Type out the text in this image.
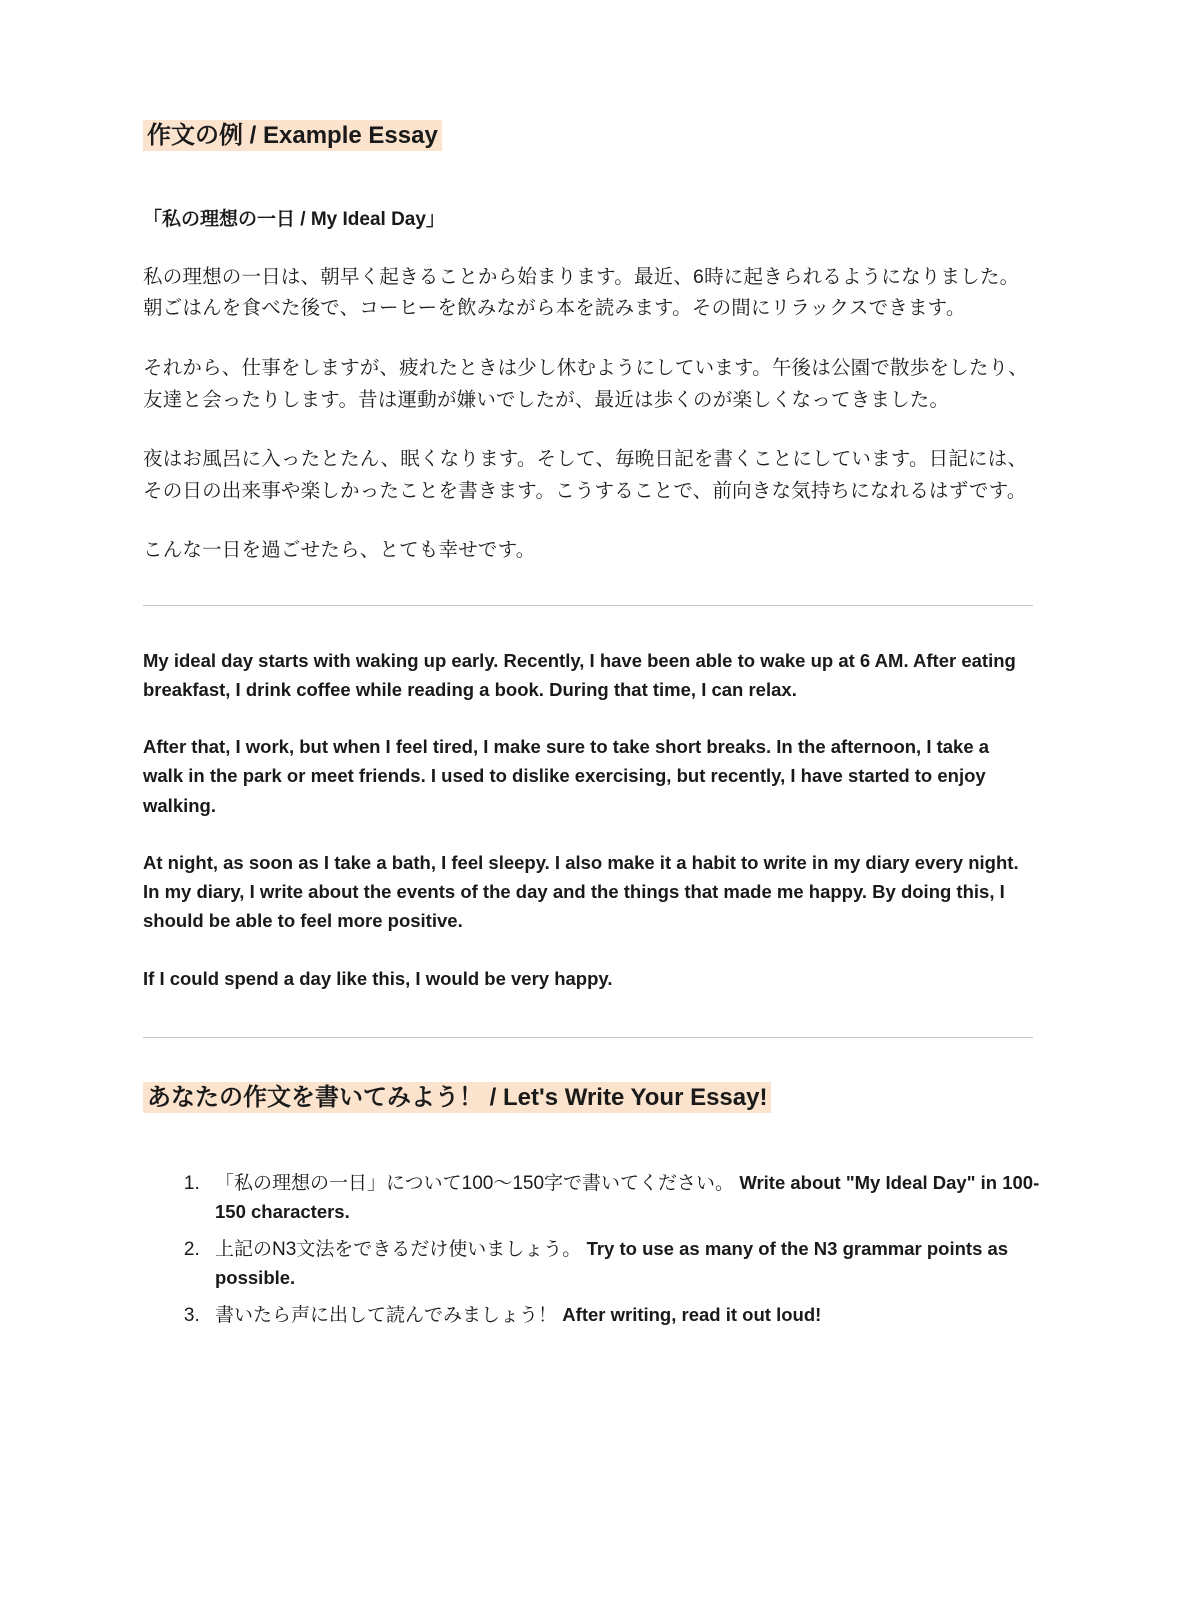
作文の例 / Example Essay

「私の理想の一日 / My Ideal Day」

私の理想の一日は、朝早く起きることから始まります。最近、6時に起きられるようになりました。朝ごはんを食べた後で、コーヒーを飲みながら本を読みます。その間にリラックスできます。

それから、仕事をしますが、疲れたときは少し休むようにしています。午後は公園で散歩をしたり、友達と会ったりします。昔は運動が嫌いでしたが、最近は歩くのが楽しくなってきました。

夜はお風呂に入ったとたん、眠くなります。そして、毎晩日記を書くことにしています。日記には、その日の出来事や楽しかったことを書きます。こうすることで、前向きな気持ちになれるはずです。

こんな一日を過ごせたら、とても幸せです。

My ideal day starts with waking up early. Recently, I have been able to wake up at 6 AM. After eating breakfast, I drink coffee while reading a book. During that time, I can relax.

After that, I work, but when I feel tired, I make sure to take short breaks. In the afternoon, I take a walk in the park or meet friends. I used to dislike exercising, but recently, I have started to enjoy walking.

At night, as soon as I take a bath, I feel sleepy. I also make it a habit to write in my diary every night. In my diary, I write about the events of the day and the things that made me happy. By doing this, I should be able to feel more positive.

If I could spend a day like this, I would be very happy.

あなたの作文を書いてみよう！ / Let's Write Your Essay!
1. 「私の理想の一日」について100〜150字で書いてください。 Write about "My Ideal Day" in 100-150 characters.
2. 上記のN3文法をできるだけ使いましょう。 Try to use as many of the N3 grammar points as possible.
3. 書いたら声に出して読んでみましょう！ After writing, read it out loud!
